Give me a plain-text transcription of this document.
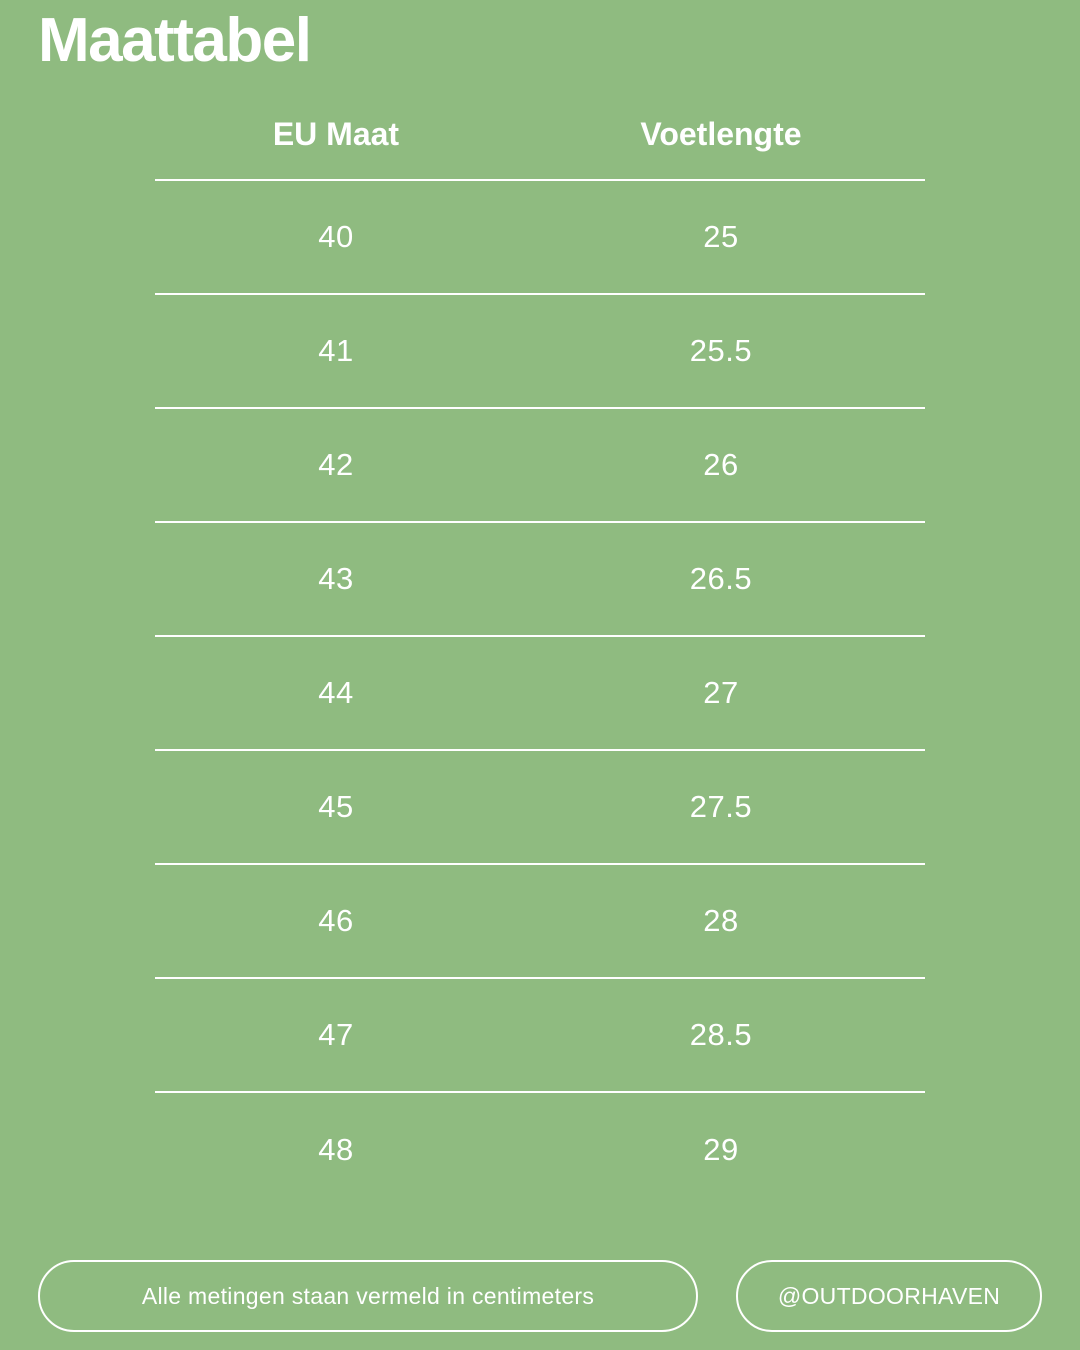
Maattabel
EU Maat	Voetlengte
40	25
41	25.5
42	26
43	26.5
44	27
45	27.5
46	28
47	28.5
48	29
Alle metingen staan vermeld in centimeters	@OUTDOORHAVEN
